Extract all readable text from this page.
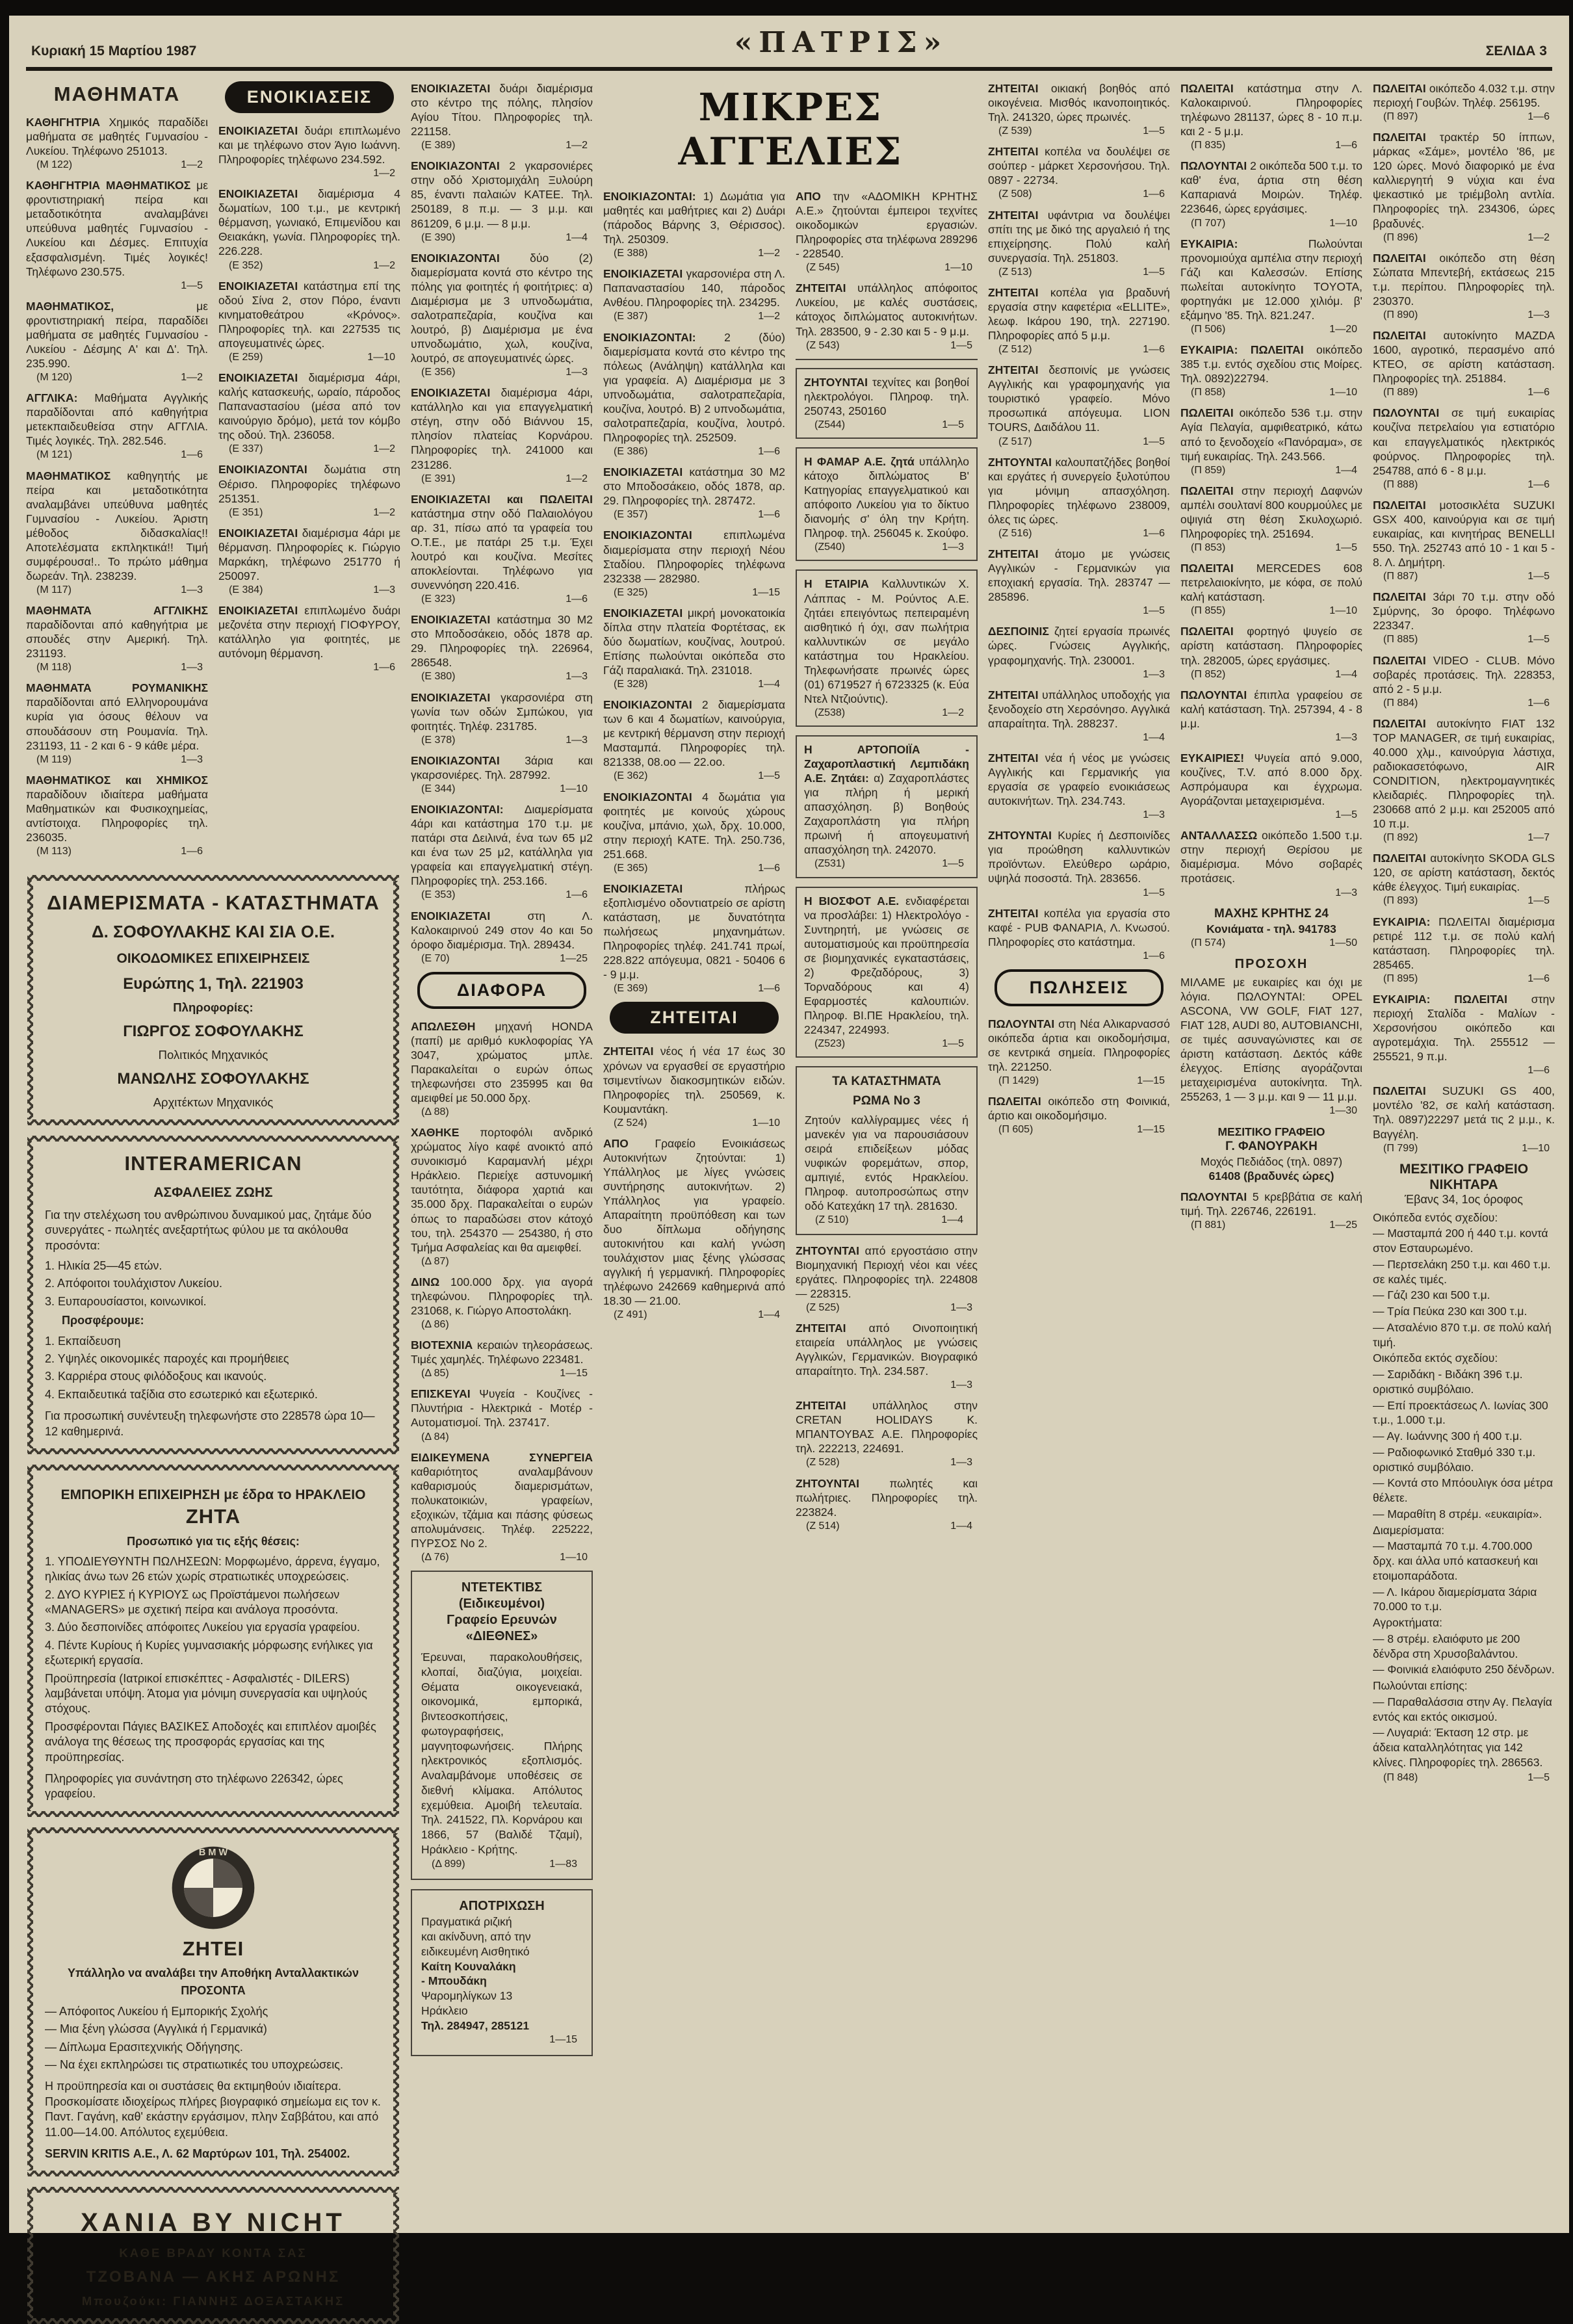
Κυριακή 15 Μαρτίου 1987	«ΠΑΤΡΙΣ»	ΣΕΛΙΔΑ 3
ΜΑΘΗΜΑΤΑ

ΚΑΘΗΓΗΤΡΙΑ Χημικός παραδίδει μαθήματα σε μαθητές Γυμνασίου - Λυκείου. Τηλέφωνο 251013.

(Μ 122)	1—2

ΚΑΘΗΓΗΤΡΙΑ ΜΑΘΗΜΑΤΙΚΟΣ με φροντιστηριακή πείρα και μεταδοτικότητα αναλαμβάνει υπεύθυνα μαθητές Γυμνασίου - Λυκείου και Δέσμες. Επιτυχία εξασφαλισμένη. Τιμές λογικές! Τηλέφωνο 230.575.

1—5

ΜΑΘΗΜΑΤΙΚΟΣ,	με φροντιστηριακή πείρα, παραδίδει μαθήματα σε μαθητές Γυμνασίου - Λυκείου - Δέσμης Α' και Δ'. Τηλ. 235.990.

(Μ 120)	1—2

ΑΓΓΛΙΚΑ: Μαθήματα Αγγλικής παραδίδονται από καθηγήτρια μετεκπαιδευθείσα στην ΑΓΓΛΙΑ. Τιμές λογικές. Τηλ. 282.546.

(Μ 121)	1—6

ΜΑΘΗΜΑΤΙΚΟΣ καθηγητής με πείρα και μεταδοτικότητα αναλαμβάνει υπεύθυνα μαθητές Γυμνασίου - Λυκείου. Άριστη μέθοδος διδασκαλίας!! Αποτελέσματα εκπληκτικά!! Τιμή συμφέρουσα!.. Το πρώτο μάθημα δωρεάν. Τηλ. 238239.

(Μ 117)	1—3

ΜΑΘΗΜΑΤΑ ΑΓΓΛΙΚΗΣ παραδίδονται από καθηγήτρια με σπουδές στην Αμερική. Τηλ. 231193.

(Μ 118)	1—3

ΜΑΘΗΜΑΤΑ ΡΟΥΜΑΝΙΚΗΣ παραδίδονται από Ελληνορουμάνα κυρία για όσους θέλουν να σπουδάσουν στη Ρουμανία. Τηλ. 231193, 11 - 2 και 6 - 9 κάθε μέρα.

(Μ 119)	1—3

ΜΑΘΗΜΑΤΙΚΟΣ και ΧΗΜΙΚΟΣ παραδίδουν ιδιαίτερα μαθήματα Μαθηματικών και Φυσικοχημείας, αντίστοιχα. Πληροφορίες τηλ. 236035.

(Μ 113)	1—6
ΕΝΟΙΚΙΑΣΕΙΣ

ΕΝΟΙΚΙΑΖΕΤΑΙ δυάρι επιπλωμένο και με τηλέφωνο στον Άγιο Ιωάννη. Πληροφορίες τηλέφωνο 234.592.

1—2

ΕΝΟΙΚΙΑΖΕΤΑΙ διαμέρισμα 4 δωματίων, 100 τ.μ., με κεντρική θέρμανση, γωνιακό, Επιμενίδου και Θειακάκη, γωνία. Πληροφορίες τηλ. 226.228.

(Ε 352)	1—2

ΕΝΟΙΚΙΑΖΕΤΑΙ κατάστημα επί της οδού Σίνα 2, στον Πόρο, έναντι κινηματοθεάτρου «Κρόνος». Πληροφορίες τηλ. και 227535 τις απογευματινές ώρες.

(Ε 259)	1—10

ΕΝΟΙΚΙΑΖΕΤΑΙ διαμέρισμα 4άρι, καλής κατασκευής, ωραίο, πάροδος Παπαναστασίου (μέσα από τον καινούργιο δρόμο), μετά τον κόμβο της οδού. Τηλ. 236058.

(Ε 337)	1—2

ΕΝΟΙΚΙΑΖΟΝΤΑΙ δωμάτια στη Θέρισο. Πληροφορίες τηλέφωνο 251351.

(Ε 351)	1—2

ΕΝΟΙΚΙΑΖΕΤΑΙ διαμέρισμα 4άρι με θέρμανση. Πληροφορίες κ. Γιώργιο Μαρκάκη, τηλέφωνο 251770 ή 250097.

(Ε 384)	1—3

ΕΝΟΙΚΙΑΖΕΤΑΙ επιπλωμένο δυάρι μεζονέτα στην περιοχή ΓΙΟΦΥΡΟΥ, κατάλληλο για φοιτητές, με αυτόνομη θέρμανση.

1—6
ΔΙΑΜΕΡΙΣΜΑΤΑ - ΚΑΤΑΣΤΗΜΑΤΑ
Δ. ΣΟΦΟΥΛΑΚΗΣ ΚΑΙ ΣΙΑ Ο.Ε.
ΟΙΚΟΔΟΜΙΚΕΣ ΕΠΙΧΕΙΡΗΣΕΙΣ
Ευρώπης 1, Τηλ. 221903
Πληροφορίες:
ΓΙΩΡΓΟΣ ΣΟΦΟΥΛΑΚΗΣ
Πολιτικός Μηχανικός
ΜΑΝΩΛΗΣ ΣΟΦΟΥΛΑΚΗΣ
Αρχιτέκτων Μηχανικός
INTERAMERICAN
ΑΣΦΑΛΕΙΕΣ ΖΩΗΣ
Για την στελέχωση του ανθρώπινου δυναμικού μας, ζητάμε δύο συνεργάτες - πωλητές ανεξαρτήτως φύλου με τα ακόλουθα προσόντα:
1. Ηλικία 25—45 ετών.
2. Απόφοιτοι τουλάχιστον Λυκείου.
3. Ευπαρουσίαστοι, κοινωνικοί.
Προσφέρουμε:
1. Εκπαίδευση
2. Υψηλές οικονομικές παροχές και προμήθειες
3. Καρριέρα στους φιλόδοξους και ικανούς.
4. Εκπαιδευτικά ταξίδια στο εσωτερικό και εξωτερικό.
Για προσωπική συνέντευξη τηλεφωνήστε στο 228578 ώρα 10—12 καθημερινά.
ΕΜΠΟΡΙΚΗ ΕΠΙΧΕΙΡΗΣΗ με έδρα το ΗΡΑΚΛΕΙΟ
ΖΗΤΑ
Προσωπικό για τις εξής θέσεις:
1. ΥΠΟΔΙΕΥΘΥΝΤΗ ΠΩΛΗΣΕΩΝ: Μορφωμένο, άρρενα, έγγαμο, ηλικίας άνω των 26 ετών χωρίς στρατιωτικές υποχρεώσεις.
2. ΔΥΟ ΚΥΡΙΕΣ ή ΚΥΡΙΟΥΣ ως Προϊστάμενοι πωλήσεων «MANAGERS» με σχετική πείρα και ανάλογα προσόντα.
3. Δύο δεσποινίδες απόφοιτες Λυκείου για εργασία γραφείου.
4. Πέντε Κυρίους ή Κυρίες γυμνασιακής μόρφωσης ενήλικες για εξωτερική εργασία.
Προϋπηρεσία (Ιατρικοί επισκέπτες - Ασφαλιστές - DILERS) λαμβάνεται υπόψη. Άτομα για μόνιμη συνεργασία και υψηλούς στόχους.
Προσφέρονται Πάγιες ΒΑΣΙΚΕΣ Αποδοχές και επιπλέον αμοιβές ανάλογα της θέσεως της προσφοράς εργασίας και της προϋπηρεσίας.
Πληροφορίες για συνάντηση στο τηλέφωνο 226342, ώρες γραφείου.
B M W
ΖΗΤΕΙ
Υπάλληλο να αναλάβει την Αποθήκη Ανταλλακτικών
ΠΡΟΣΟΝΤΑ
— Απόφοιτος Λυκείου ή Εμπορικής Σχολής
— Μια ξένη γλώσσα (Αγγλικά ή Γερμανικά)
— Δίπλωμα Ερασιτεχνικής Οδήγησης.
— Να έχει εκπληρώσει τις στρατιωτικές του υποχρεώσεις.
Η προϋπηρεσία και οι συστάσεις θα εκτιμηθούν ιδιαίτερα. Προσκομίσατε ιδιοχείρως πλήρες βιογραφικό σημείωμα εις τον κ. Παντ. Γαγάνη, καθ' εκάστην εργάσιμον, πλην Σαββάτου, και από 11.00—14.00. Απόλυτος εχεμύθεια.
SERVIN KRITIS Α.Ε., Λ. 62 Μαρτύρων 101, Τηλ. 254002.
ΧΑΝΙΑ BY NICHT
ΚΑΘΕ ΒΡΑΔΥ ΚΟΝΤΑ ΣΑΣ
ΤΖΟΒΑΝΑ — ΑΚΗΣ ΑΡΩΝΗΣ
Μπουζούκι: ΓΙΑΝΝΗΣ ΔΟΞΑΣΤΑΚΗΣ

ΕΝΟΙΚΙΑΖΕΤΑΙ δυάρι διαμέρισμα στο κέντρο της πόλης, πλησίον Αγίου Τίτου. Πληροφορίες τηλ. 221158.

(Ε 389)	1—2

ΕΝΟΙΚΙΑΖΟΝΤΑΙ 2 γκαρσονιέρες στην οδό Χριστομιχάλη Ξυλούρη 85, έναντι παλαιών ΚΑΤΕΕ. Τηλ. 250189, 8 π.μ. — 3 μ.μ. και 861209, 6 μ.μ. — 8 μ.μ.

(Ε 390)	1—4

ΕΝΟΙΚΙΑΖΟΝΤΑΙ	δύο (2) διαμερίσματα κοντά στο κέντρο της πόλης για φοιτητές ή φοιτήτριες: α) Διαμέρισμα με 3 υπνοδωμάτια, σαλοτραπεζαρία, κουζίνα και λουτρό, β) Διαμέρισμα με ένα υπνοδωμάτιο, χωλ, κουζίνα, λουτρό, σε απογευματινές ώρες.

(Ε 356)	1—3

ΕΝΟΙΚΙΑΖΕΤΑΙ διαμέρισμα 4άρι, κατάλληλο και για επαγγελματική στέγη, στην οδό Βιάννου 15, πλησίον πλατείας Κορνάρου. Πληροφορίες τηλ. 241000 και 231286.

(Ε 391)	1—2

ΕΝΟΙΚΙΑΖΕΤΑΙ και ΠΩΛΕΙΤΑΙ κατάστημα στην οδό Παλαιολόγου αρ. 31, πίσω από τα γραφεία του Ο.Τ.Ε., με πατάρι 25 τ.μ. Έχει λουτρό και κουζίνα. Μεσίτες αποκλείονται. Τηλέφωνο για συνεννόηση 220.416.

(Ε 323)	1—6

ΕΝΟΙΚΙΑΖΕΤΑΙ κατάστημα 30 Μ2 στο Μποδοσάκειο, οδός 1878 αρ. 29. Πληροφορίες τηλ. 226964, 286548.

(Ε 380)	1—3

ΕΝΟΙΚΙΑΖΕΤΑΙ γκαρσονιέρα στη γωνία των οδών Σμπώκου, για φοιτητές. Τηλέφ. 231785.

(Ε 378)	1—3

ΕΝΟΙΚΙΑΖΟΝΤΑΙ 3άρια και γκαρσονιέρες. Τηλ. 287992.

(Ε 344)	1—10

ΕΝΟΙΚΙΑΖΟΝΤΑΙ: Διαμερίσματα 4άρι και κατάστημα 170 τ.μ. με πατάρι στα Δειλινά, ένα των 65 μ2 και ένα των 25 μ2, κατάλληλα για γραφεία και επαγγελματική στέγη. Πληροφορίες τηλ. 253.166.

(Ε 353)	1—6

ΕΝΟΙΚΙΑΖΕΤΑΙ	στη Λ. Καλοκαιρινού 249 στον 4ο και 5ο όροφο διαμέρισμα. Τηλ. 289434.

(Ε 70)	1—25
ΔΙΑΦΟΡΑ

ΑΠΩΛΕΣΘΗ μηχανή HONDA (παπί) με αριθμό κυκλοφορίας ΥΑ 3047, χρώματος μπλε. Παρακαλείται ο ευρών όπως τηλεφωνήσει στο 235995 και θα αμειφθεί με 50.000 δρχ.

(Δ 88)

ΧΑΘΗΚΕ πορτοφόλι ανδρικό χρώματος λίγο καφέ ανοικτό από συνοικισμό Καραμανλή μέχρι Ηράκλειο. Περιείχε αστυνομική ταυτότητα, διάφορα χαρτιά και 35.000 δρχ. Παρακαλείται ο ευρών όπως το παραδώσει στον κάτοχό του, τηλ. 254370 — 254380, ή στο Τμήμα Ασφαλείας και θα αμειφθεί.

(Δ 87)

ΔΙΝΩ 100.000 δρχ. για αγορά τηλεφώνου. Πληροφορίες τηλ. 231068, κ. Γιώργο Αποστολάκη.

(Δ 86)

ΒΙΟΤΕΧΝΙΑ κεραιών τηλεοράσεως. Τιμές χαμηλές. Τηλέφωνο 223481.

(Δ 85)	1—15

ΕΠΙΣΚΕΥΑΙ Ψυγεία - Κουζίνες - Πλυντήρια - Ηλεκτρικά - Μοτέρ - Αυτοματισμοί. Τηλ. 237417.

(Δ 84)

ΕΙΔΙΚΕΥΜΕΝΑ ΣΥΝΕΡΓΕΙΑ καθαριότητος αναλαμβάνουν καθαρισμούς διαμερισμάτων, πολυκατοικιών, γραφείων, εξοχικών, τζάμια και πάσης φύσεως απολυμάνσεις. Τηλέφ. 225222, ΠΥΡΣΟΣ Νο 2.

(Δ 76)	1—10
ΝΤΕΤΕΚΤΙΒΣ
(Ειδικευμένοι)
Γραφείο Ερευνών
«ΔΙΕΘΝΕΣ»

Έρευναι, παρακολουθήσεις, κλοπαί, διαζύγια, μοιχείαι. Θέματα οικογενειακά, οικονομικά, εμπορικά, βιντεοσκοπήσεις, φωτογραφήσεις, μαγνητοφωνήσεις. Πλήρης ηλεκτρονικός εξοπλισμός. Αναλαμβάνομε υποθέσεις σε διεθνή κλίμακα. Απόλυτος εχεμύθεια. Αμοιβή τελευταία. Τηλ. 241522, Πλ. Κορνάρου και 1866, 57 (Βαλιδέ Τζαμί), Ηράκλειο - Κρήτης.

(Δ 899)	1—83
ΑΠΟΤΡΙΧΩΣΗ
Πραγματικά ριζική
και ακίνδυνη, από την
ειδικευμένη Αισθητικό
Καίτη Κουναλάκη
- Μπουδάκη
Ψαρομηλίγκων 13
Ηράκλειο
Τηλ. 284947, 285121
1—15
ΜΙΚΡΕΣ ΑΓΓΕΛΙΕΣ

ΕΝΟΙΚΙΑΖΟΝΤΑΙ: 1) Δωμάτια για μαθητές και μαθήτριες και 2) Δυάρι (πάροδος Βάρνης 3, Θέρισσος). Τηλ. 250309.

(Ε 388)	1—2

ΕΝΟΙΚΙΑΖΕΤΑΙ γκαρσονιέρα στη Λ. Παπαναστασίου 140, πάροδος Ανθέου. Πληροφορίες τηλ. 234295.

(Ε 387)	1—2

ΕΝΟΙΚΙΑΖΟΝΤΑΙ: 2 (δύο) διαμερίσματα κοντά στο κέντρο της πόλεως (Ανάληψη) κατάλληλα και για γραφεία. Α) Διαμέρισμα με 3 υπνοδωμάτια, σαλοτραπεζαρία, κουζίνα, λουτρό. Β) 2 υπνοδωμάτια, σαλοτραπεζαρία, κουζίνα, λουτρό. Πληροφορίες τηλ. 252509.

(Ε 386)	1—6

ΕΝΟΙΚΙΑΖΕΤΑΙ κατάστημα 30 Μ2 στο Μποδοσάκειο, οδός 1878, αρ. 29. Πληροφορίες τηλ. 287472.

(Ε 357)	1—6

ΕΝΟΙΚΙΑΖΟΝΤΑΙ	επιπλωμένα διαμερίσματα στην περιοχή Νέου Σταδίου. Πληροφορίες τηλέφωνα 232338 — 282980.

(Ε 325)	1—15

ΕΝΟΙΚΙΑΖΕΤΑΙ μικρή μονοκατοικία δίπλα στην πλατεία Φορτέτσας, εκ δύο δωματίων, κουζίνας, λουτρού. Επίσης πωλούνται οικόπεδα στο Γάζι παραλιακά. Τηλ. 231018.

(Ε 328)	1—4

ΕΝΟΙΚΙΑΖΟΝΤΑΙ 2 διαμερίσματα των 6 και 4 δωματίων, καινούργια, με κεντρική θέρμανση στην περιοχή Μασταμπά. Πληροφορίες τηλ. 821338, 08.οο — 22.οο.

(Ε 362)	1—5

ΕΝΟΙΚΙΑΖΟΝΤΑΙ 4 δωμάτια για φοιτητές με κοινούς χώρους κουζίνα, μπάνιο, χωλ, δρχ. 10.000, στην περιοχή ΚΑΤΕ. Τηλ. 250.736, 251.668.

(Ε 365)	1—6

ΕΝΟΙΚΙΑΖΕΤΑΙ	πλήρως εξοπλισμένο οδοντιατρείο σε αρίστη κατάσταση, με δυνατότητα πωλήσεως μηχανημάτων. Πληροφορίες τηλέφ. 241.741 πρωί, 228.822 απόγευμα, 0821 - 50406 6 - 9 μ.μ.

(Ε 369)	1—6
ΖΗΤΕΙΤΑΙ

ΖΗΤΕΙΤΑΙ νέος ή νέα 17 έως 30 χρόνων να εργασθεί σε εργαστήριο τσιμεντίνων διακοσμητικών ειδών. Πληροφορίες τηλ. 250569, κ. Κουμαντάκη.

(Ζ 524)	1—10

ΑΠΟ Γραφείο Ενοικιάσεως Αυτοκινήτων ζητούνται: 1) Υπάλληλος με λίγες γνώσεις συντήρησης αυτοκινήτων. 2) Υπάλληλος για γραφείο. Απαραίτητη προϋπόθεση και των δυο δίπλωμα οδήγησης αυτοκινήτου και καλή γνώση τουλάχιστον μιας ξένης γλώσσας αγγλική ή γερμανική. Πληροφορίες τηλέφωνο 242669 καθημερινά από 18.30 — 21.00.

(Ζ 491)	1—4

ΑΠΟ την «ΑΔΟΜΙΚΗ ΚΡΗΤΗΣ Α.Ε.» ζητούνται έμπειροι τεχνίτες οικοδομικών εργασιών. Πληροφορίες στα τηλέφωνα 289296 - 228540.

(Ζ 545)	1—10

ΖΗΤΕΙΤΑΙ υπάλληλος απόφοιτος Λυκείου, με καλές συστάσεις, κάτοχος διπλώματος αυτοκινήτων. Τηλ. 283500, 9 - 2.30 και 5 - 9 μ.μ.

(Ζ 543)	1—5

ΖΗΤΟΥΝΤΑΙ τεχνίτες και βοηθοί ηλεκτρολόγοι. Πληροφ. τηλ. 250743, 250160

(Ζ544)	1—5

Η ΦΑΜΑΡ Α.Ε. ζητά υπάλληλο κάτοχο διπλώματος Β' Κατηγορίας επαγγελματικού και απόφοιτο Λυκείου για το δίκτυο διανομής σ' όλη την Κρήτη. Πληροφ. τηλ. 256045 κ. Σκούφο.

(Ζ540)	1—3

Η ΕΤΑΙΡΙΑ Καλλυντικών Χ. Λάππας - Μ. Ρούντος Α.Ε. ζητάει επειγόντως πεπειραμένη αισθητικό ή όχι, σαν πωλήτρια καλλυντικών σε μεγάλο κατάστημα του Ηρακλείου. Τηλεφωνήσατε πρωινές ώρες (01) 6719527 ή 6723325 (κ. Εύα Ντελ Ντζιούντις).

(Ζ538)	1—2

Η ΑΡΤΟΠΟΙΪΑ - Ζαχαροπλαστική Λεμπιδάκη Α.Ε. Ζητάει: α) Ζαχαροπλάστες για πλήρη ή μερική απασχόληση. β) Βοηθούς Ζαχαροπλάστη για πλήρη πρωινή ή απογευματινή απασχόληση τηλ. 242070.

(Ζ531)	1—5

Η ΒΙΟΣΦΟΤ Α.Ε. ενδιαφέρεται να προσλάβει: 1) Ηλεκτρολόγο - Συντηρητή, με γνώσεις σε αυτοματισμούς και προϋπηρεσία σε βιομηχανικές εγκαταστάσεις, 2) Φρεζαδόρους, 3) Τορναδόρους και 4) Εφαρμοστές καλουπιών. Πληροφ. ΒΙ.ΠΕ Ηρακλείου, τηλ. 224347, 224993.

(Ζ523)	1—5
ΤΑ ΚΑΤΑΣΤΗΜΑΤΑ
ΡΩΜΑ Νο 3

Ζητούν καλλίγραμμες νέες ή μανεκέν για να παρουσιάσουν σειρά επιδείξεων μόδας νυφικών φορεμάτων, σπορ, αμπιγιέ, εντός Ηρακλείου. Πληροφ. αυτοπροσώπως στην οδό Κατεχάκη 17 τηλ. 281630.

(Ζ 510)	1—4

ΖΗΤΟΥΝΤΑΙ από εργοστάσιο στην Βιομηχανική Περιοχή νέοι και νέες εργάτες. Πληροφορίες τηλ. 224808 — 228315.

(Ζ 525)	1—3

ΖΗΤΕΙΤΑΙ από Οινοποιητική εταιρεία υπάλληλος με γνώσεις Αγγλικών, Γερμανικών. Βιογραφικό απαραίτητο. Τηλ. 234.587.

1—3

ΖΗΤΕΙΤΑΙ υπάλληλος στην CRETAN HOLIDAYS Κ. ΜΠΑΝΤΟΥΒΑΣ Α.Ε. Πληροφορίες τηλ. 222213, 224691.

(Ζ 528)	1—3

ΖΗΤΟΥΝΤΑΙ	πωλητές και πωλήτριες. Πληροφορίες τηλ. 223824.

(Ζ 514)	1—4

ΖΗΤΕΙΤΑΙ οικιακή βοηθός από οικογένεια. Μισθός ικανοποιητικός. Τηλ. 241320, ώρες πρωινές.

(Ζ 539)	1—5

ΖΗΤΕΙΤΑΙ κοπέλα να δουλέψει σε σούπερ - μάρκετ Χερσονήσου. Τηλ. 0897 - 22734.

(Ζ 508)	1—6

ΖΗΤΕΙΤΑΙ υφάντρια να δουλέψει σπίτι της με δικό της αργαλειό ή της επιχείρησης. Πολύ καλή συνεργασία. Τηλ. 251803.

(Ζ 513)	1—5

ΖΗΤΕΙΤΑΙ κοπέλα για βραδυνή εργασία στην καφετέρια «ELLITE», λεωφ. Ικάρου 190, τηλ. 227190. Πληροφορίες από 5 μ.μ.

(Ζ 512)	1—6

ΖΗΤΕΙΤΑΙ δεσποινίς με γνώσεις Αγγλικής και γραφομηχανής για τουριστικό γραφείο. Μόνο προσωπικά απόγευμα. LION TOURS, Δαιδάλου 11.

(Ζ 517)	1—5

ΖΗΤΟΥΝΤΑΙ καλουπατζήδες βοηθοί και εργάτες ή συνεργείο ξυλοτύπου για μόνιμη απασχόληση. Πληροφορίες τηλέφωνο 238009, όλες τις ώρες.

(Ζ 516)	1—6

ΖΗΤΕΙΤΑΙ άτομο με γνώσεις Αγγλικών - Γερμανικών για εποχιακή εργασία. Τηλ. 283747 — 285896.

1—5

ΔΕΣΠΟΙΝΙΣ ζητεί εργασία πρωινές ώρες. Γνώσεις Αγγλικής, γραφομηχανής. Τηλ. 230001.

1—3

ΖΗΤΕΙΤΑΙ υπάλληλος υποδοχής για ξενοδοχείο στη Χερσόνησο. Αγγλικά απαραίτητα. Τηλ. 288237.

1—4

ΖΗΤΕΙΤΑΙ νέα ή νέος με γνώσεις Αγγλικής και Γερμανικής για εργασία σε γραφείο ενοικιάσεως αυτοκινήτων. Τηλ. 234.743.

1—3

ΖΗΤΟΥΝΤΑΙ Κυρίες ή Δεσποινίδες για προώθηση καλλυντικών προϊόντων. Ελεύθερο ωράριο, υψηλά ποσοστά. Τηλ. 283656.

1—5

ΖΗΤΕΙΤΑΙ κοπέλα για εργασία στο καφέ - PUB ΦΑΝΑΡΙΑ, Λ. Κνωσού. Πληροφορίες στο κατάστημα.

1—6
ΠΩΛΗΣΕΙΣ

ΠΩΛΟΥΝΤΑΙ στη Νέα Αλικαρνασσό οικόπεδα άρτια και οικοδομήσιμα, σε κεντρικά σημεία. Πληροφορίες τηλ. 221250.

(Π 1429)	1—15

ΠΩΛΕΙΤΑΙ οικόπεδο στη Φοινικιά, άρτιο και οικοδομήσιμο.

(Π 605)	1—15

ΠΩΛΕΙΤΑΙ κατάστημα στην Λ. Καλοκαιρινού. Πληροφορίες τηλέφωνο 281137, ώρες 8 - 10 π.μ. και 2 - 5 μ.μ.

(Π 835)	1—6

ΠΩΛΟΥΝΤΑΙ 2 οικόπεδα 500 τ.μ. το καθ' ένα, άρτια στη θέση Καπαριανά Μοιρών. Τηλέφ. 223646, ώρες εργάσιμες.

(Π 707)	1—10

ΕΥΚΑΙΡΙΑ:	Πωλούνται προνομιούχα αμπέλια στην περιοχή Γάζι και Καλεσσών. Επίσης πωλείται αυτοκίνητο TOYOTA, φορτηγάκι με 12.000 χιλιόμ. β' εξάμηνο '85. Τηλ. 821.247.

(Π 506)	1—20

ΕΥΚΑΙΡΙΑ: ΠΩΛΕΙΤΑΙ οικόπεδο 385 τ.μ. εντός σχεδίου στις Μοίρες. Τηλ. 0892)22794.

(Π 858)	1—10

ΠΩΛΕΙΤΑΙ οικόπεδο 536 τ.μ. στην Αγία Πελαγία, αμφιθεατρικό, κάτω από το ξενοδοχείο «Πανόραμα», σε τιμή ευκαιρίας. Τηλ. 243.566.

(Π 859)	1—4

ΠΩΛΕΙΤΑΙ στην περιοχή Δαφνών αμπέλι σουλτανί 800 κουρμούλες με οψιγιά στη θέση Σκυλοχωριό. Πληροφορίες τηλ. 251694.

(Π 853)	1—5

ΠΩΛΕΙΤΑΙ MERCEDES 608 πετρελαιοκίνητο, με κόφα, σε πολύ καλή κατάσταση.

(Π 855)	1—10

ΠΩΛΕΙΤΑΙ φορτηγό ψυγείο σε αρίστη κατάσταση. Πληροφορίες τηλ. 282005, ώρες εργάσιμες.

(Π 852)	1—4

ΠΩΛΟΥΝΤΑΙ έπιπλα γραφείου σε καλή κατάσταση. Τηλ. 257394, 4 - 8 μ.μ.

1—3

ΕΥΚΑΙΡΙΕΣ! Ψυγεία από 9.000, κουζίνες, T.V. από 8.000 δρχ. Ασπρόμαυρα και έγχρωμα. Αγοράζονται μεταχειρισμένα.

1—5

ΑΝΤΑΛΛΑΣΣΩ οικόπεδο 1.500 τ.μ. στην περιοχή Θερίσου με διαμέρισμα. Μόνο σοβαρές προτάσεις.

1—3
ΜΑΧΗΣ ΚΡΗΤΗΣ 24
Κονιάματα - τηλ. 941783
(Π 574)	1—50
ΠΡΟΣΟΧΗ

ΜΙΛΑΜΕ με ευκαιρίες και όχι με λόγια. ΠΩΛΟΥΝΤΑΙ: OPEL ASCONA, VW GOLF, FIAT 127, FIAT 128, AUDI 80, AUTOBIANCHI, σε τιμές ασυναγώνιστες και σε άριστη κατάσταση. Δεκτός κάθε έλεγχος. Επίσης αγοράζονται μεταχειρισμένα αυτοκίνητα. Τηλ. 255263, 1 — 3 μ.μ. και 9 — 11 μ.μ.

1—30
ΜΕΣΙΤΙΚΟ ΓΡΑΦΕΙΟ
Γ. ΦΑΝΟΥΡΑΚΗ
Μοχός Πεδιάδος (τηλ. 0897)
61408 (βραδυνές ώρες)

ΠΩΛΟΥΝΤΑΙ 5 κρεββάτια σε καλή τιμή. Τηλ. 226746, 226191.

(Π 881)	1—25

ΠΩΛΕΙΤΑΙ οικόπεδο 4.032 τ.μ. στην περιοχή Γουβών. Τηλέφ. 256195.

(Π 897)	1—6

ΠΩΛΕΙΤΑΙ τρακτέρ 50 ίππων, μάρκας «Σάμε», μοντέλο '86, με 120 ώρες. Μονό διαφορικό με ένα καλλιεργητή 9 νύχια και ένα ψεκαστικό με τριέμβολη αντλία. Πληροφορίες τηλ. 234306, ώρες βραδυνές.

(Π 896)	1—2

ΠΩΛΕΙΤΑΙ οικόπεδο στη θέση Σώπατα Μπεντεβή, εκτάσεως 215 τ.μ. περίπου. Πληροφορίες τηλ. 230370.

(Π 890)	1—3

ΠΩΛΕΙΤΑΙ αυτοκίνητο MAZDA 1600, αγροτικό, περασμένο από ΚΤΕΟ, σε αρίστη κατάσταση. Πληροφορίες τηλ. 251884.

(Π 889)	1—6

ΠΩΛΟΥΝΤΑΙ σε τιμή ευκαιρίας κουζίνα πετρελαίου για εστιατόριο και επαγγελματικός ηλεκτρικός φούρνος. Πληροφορίες τηλ. 254788, από 6 - 8 μ.μ.

(Π 888)	1—6

ΠΩΛΕΙΤΑΙ μοτοσικλέτα SUZUKI GSX 400, καινούργια και σε τιμή ευκαιρίας, και κινητήρας BENELLI 550. Τηλ. 252743 από 10 - 1 και 5 - 8. Λ. Δημήτρη.

(Π 887)	1—5

ΠΩΛΕΙΤΑΙ 3άρι 70 τ.μ. στην οδό Σμύρνης, 3ο όροφο. Τηλέφωνο 223347.

(Π 885)	1—5

ΠΩΛΕΙΤΑΙ VIDEO - CLUB. Μόνο σοβαρές προτάσεις. Τηλ. 228353, από 2 - 5 μ.μ.

(Π 884)	1—6

ΠΩΛΕΙΤΑΙ αυτοκίνητο FIAT 132 TOP MANAGER, σε τιμή ευκαιρίας, 40.000 χλμ., καινούργια λάστιχα, ραδιοκασετόφωνο, AIR CONDITION, ηλεκτρομαγνητικές κλειδαριές. Πληροφορίες τηλ. 230668 από 2 μ.μ. και 252005 από 10 π.μ.

(Π 892)	1—7

ΠΩΛΕΙΤΑΙ αυτοκίνητο SKODA GLS 120, σε αρίστη κατάσταση, δεκτός κάθε έλεγχος. Τιμή ευκαιρίας.

(Π 893)	1—5

ΕΥΚΑΙΡΙΑ: ΠΩΛΕΙΤΑΙ διαμέρισμα ρετιρέ 112 τ.μ. σε πολύ καλή κατάσταση. Πληροφορίες τηλ. 285465.

(Π 895)	1—6

ΕΥΚΑΙΡΙΑ: ΠΩΛΕΙΤΑΙ στην περιοχή Σταλίδα - Μαλίων - Χερσονήσου οικόπεδο και αγροτεμάχια. Τηλ. 255512 — 255521, 9 π.μ.

1—6

ΠΩΛΕΙΤΑΙ SUZUKI GS 400, μοντέλο '82, σε καλή κατάσταση. Τηλ. 0897)22297 μετά τις 2 μ.μ., κ. Βαγγέλη.

(Π 799)	1—10
ΜΕΣΙΤΙΚΟ ΓΡΑΦΕΙΟ
ΝΙΚΗΤΑΡΑ
Έβανς 34, 1ος όροφος
Οικόπεδα εντός σχεδίου:
— Μασταμπά 200 ή 440 τ.μ. κοντά στον Εσταυρωμένο.
— Περτσελάκη 250 τ.μ. και 460 τ.μ. σε καλές τιμές.
— Γάζι 230 και 500 τ.μ.
— Τρία Πεύκα 230 και 300 τ.μ.
— Ατσαλένιο 870 τ.μ. σε πολύ καλή τιμή.
Οικόπεδα εκτός σχεδίου:
— Σαριδάκη - Βιδάκη 396 τ.μ. οριστικό συμβόλαιο.
— Επί προεκτάσεως Λ. Ιωνίας 300 τ.μ., 1.000 τ.μ.
— Αγ. Ιωάννης 300 ή 400 τ.μ.
— Ραδιοφωνικό Σταθμό 330 τ.μ. οριστικό συμβόλαιο.
— Κοντά στο Μπόουλιγκ όσα μέτρα θέλετε.
— Μαραθίτη 8 στρέμ. «ευκαιρία».
Διαμερίσματα:
— Μασταμπά 70 τ.μ. 4.700.000 δρχ. και άλλα υπό κατασκευή και ετοιμοπαράδοτα.
— Λ. Ικάρου διαμερίσματα 3άρια 70.000 το τ.μ.
Αγροκτήματα:
— 8 στρέμ. ελαιόφυτο με 200 δένδρα στη Χρυσοβαλάντου.
— Φοινικιά ελαιόφυτο 250 δένδρων.
Πωλούνται επίσης:
— Παραθαλάσσια στην Αγ. Πελαγία εντός και εκτός οικισμού.
— Λυγαριά: Έκταση 12 στρ. με άδεια καταλληλότητας για 142 κλίνες. Πληροφορίες τηλ. 286563.
(Π 848)	1—5
